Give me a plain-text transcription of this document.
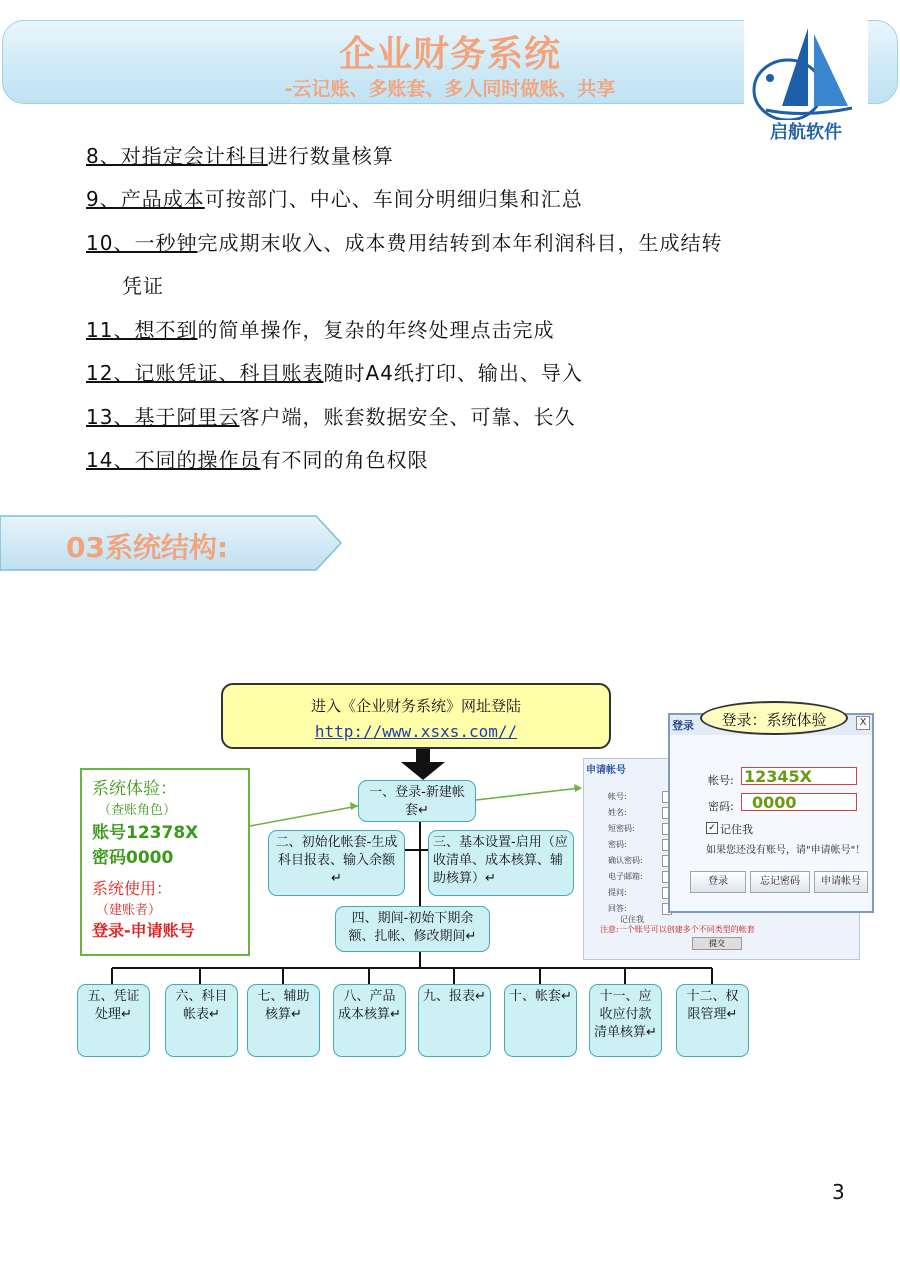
企业财务系统
-云记账、多账套、多人同时做账、共享
启航软件
8、对指定会计科目进行数量核算
9、产品成本可按部门、中心、车间分明细归集和汇总
10、一秒钟完成期末收入、成本费用结转到本年利润科目，生成结转
凭证
11、想不到的简单操作，复杂的年终处理点击完成
12、记账凭证、科目账表随时A4纸打印、输出、导入
13、基于阿里云客户端，账套数据安全、可靠、长久
14、不同的操作员有不同的角色权限
03系统结构:
进入《企业财务系统》网址登陆
http://www.xsxs.com//
系统体验：
（查账角色）
账号12378X
密码0000
系统使用：
（建账者）
登录-申请账号
一、登录-新建帐套↵
二、初始化帐套-生成科目报表、输入余额↵
三、基本设置-启用（应收清单、成本核算、辅助核算）↵
四、期间-初始下期余额、扎帐、修改期间↵
五、凭证处理↵
六、科目帐表↵
七、辅助核算↵
八、产品成本核算↵
九、报表↵	十、帐套↵	十一、应收应付款清单核算↵
十二、权限管理↵
申请帐号
帐号:
姓名:
短密码:
密码:
确认密码:
电子邮箱:
提问:
回答:
记住我
注意:一个账号可以创建多个不同类型的帐套
提交
登录	X
帐号: 12345X
密码:	0000
✓ 记住我
如果您还没有账号，请"申请帐号"！
登录	忘记密码	申请帐号
登录：系统体验
3
